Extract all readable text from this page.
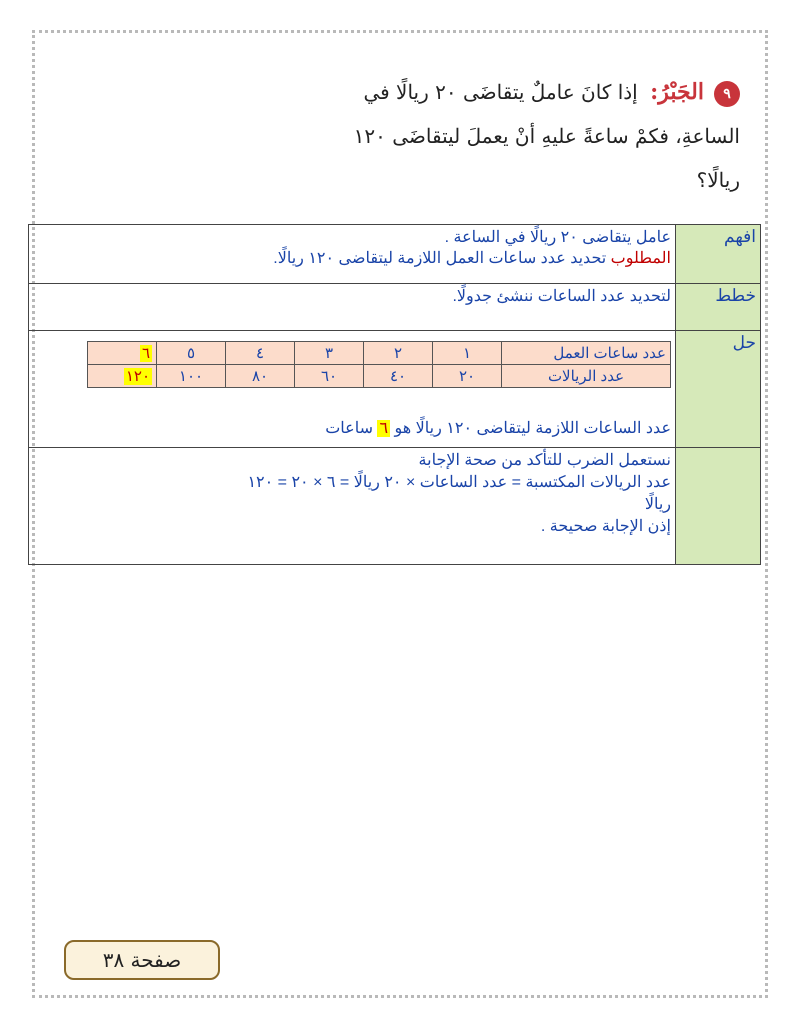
٩الجَبْرُ: إذا كانَ عاملٌ يتقاضَى ٢٠ ريالًا في
الساعةِ، فكمْ ساعةً عليهِ أنْ يعملَ ليتقاضَى ١٢٠
ريالًا؟
افهم	
عامل يتقاضى ٢٠ ريالًا في الساعة .
المطلوب تحديد عدد ساعات العمل اللازمة ليتقاضى ١٢٠ ريالًا.

خطط	لتحديد عدد الساعات ننشئ جدولًا.
حل	
عدد ساعات العمل	١	٢	٣	٤	٥	٦
عدد الريالات	٢٠	٤٠	٦٠	٨٠	١٠٠	١٢٠
عدد الساعات اللازمة ليتقاضى ١٢٠ ريالًا هو ٦ ساعات

نستعمل الضرب للتأكد من صحة الإجابة
عدد الريالات المكتسبة = عدد الساعات × ٢٠ ريالًا = ٦ × ٢٠ = ١٢٠
ريالًا
إذن الإجابة صحيحة .
صفحة ٣٨
